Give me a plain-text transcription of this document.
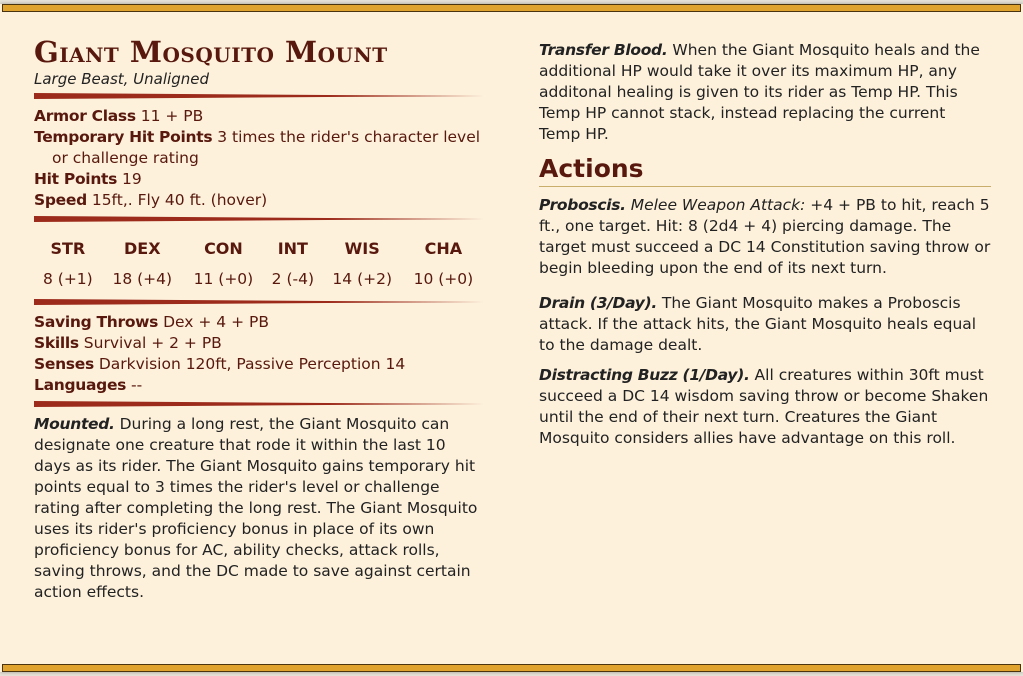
Giant Mosquito Mount
Large Beast, Unaligned
Armor Class 11 + PB
Temporary Hit Points 3 times the rider's character level or challenge rating
Hit Points 19
Speed 15ft,. Fly 40 ft. (hover)
STR	DEX	CON	INT	WIS	CHA
8 (+1)	18 (+4)	11 (+0)	2 (-4)	14 (+2)	10 (+0)
Saving Throws Dex + 4 + PB
Skills Survival + 2 + PB
Senses Darkvision 120ft, Passive Perception 14
Languages --

Mounted. During a long rest, the Giant Mosquito can designate one creature that rode it within the last 10 days as its rider. The Giant Mosquito gains temporary hit points equal to 3 times the rider's level or challenge rating after completing the long rest. The Giant Mosquito uses its rider's proficiency bonus in place of its own proficiency bonus for AC, ability checks, attack rolls, saving throws, and the DC made to save against certain action effects.

Transfer Blood. When the Giant Mosquito heals and the additional HP would take it over its maximum HP, any additonal healing is given to its rider as Temp HP. This Temp HP cannot stack, instead replacing the current Temp HP.

Actions

Proboscis. Melee Weapon Attack: +4 + PB to hit, reach 5 ft., one target. Hit: 8 (2d4 + 4) piercing damage. The target must succeed a DC 14 Constitution saving throw or begin bleeding upon the end of its next turn.

Drain (3/Day). The Giant Mosquito makes a Proboscis attack. If the attack hits, the Giant Mosquito heals equal to the damage dealt.

Distracting Buzz (1/Day). All creatures within 30ft must succeed a DC 14 wisdom saving throw or become Shaken until the end of their next turn. Creatures the Giant Mosquito considers allies have advantage on this roll.
